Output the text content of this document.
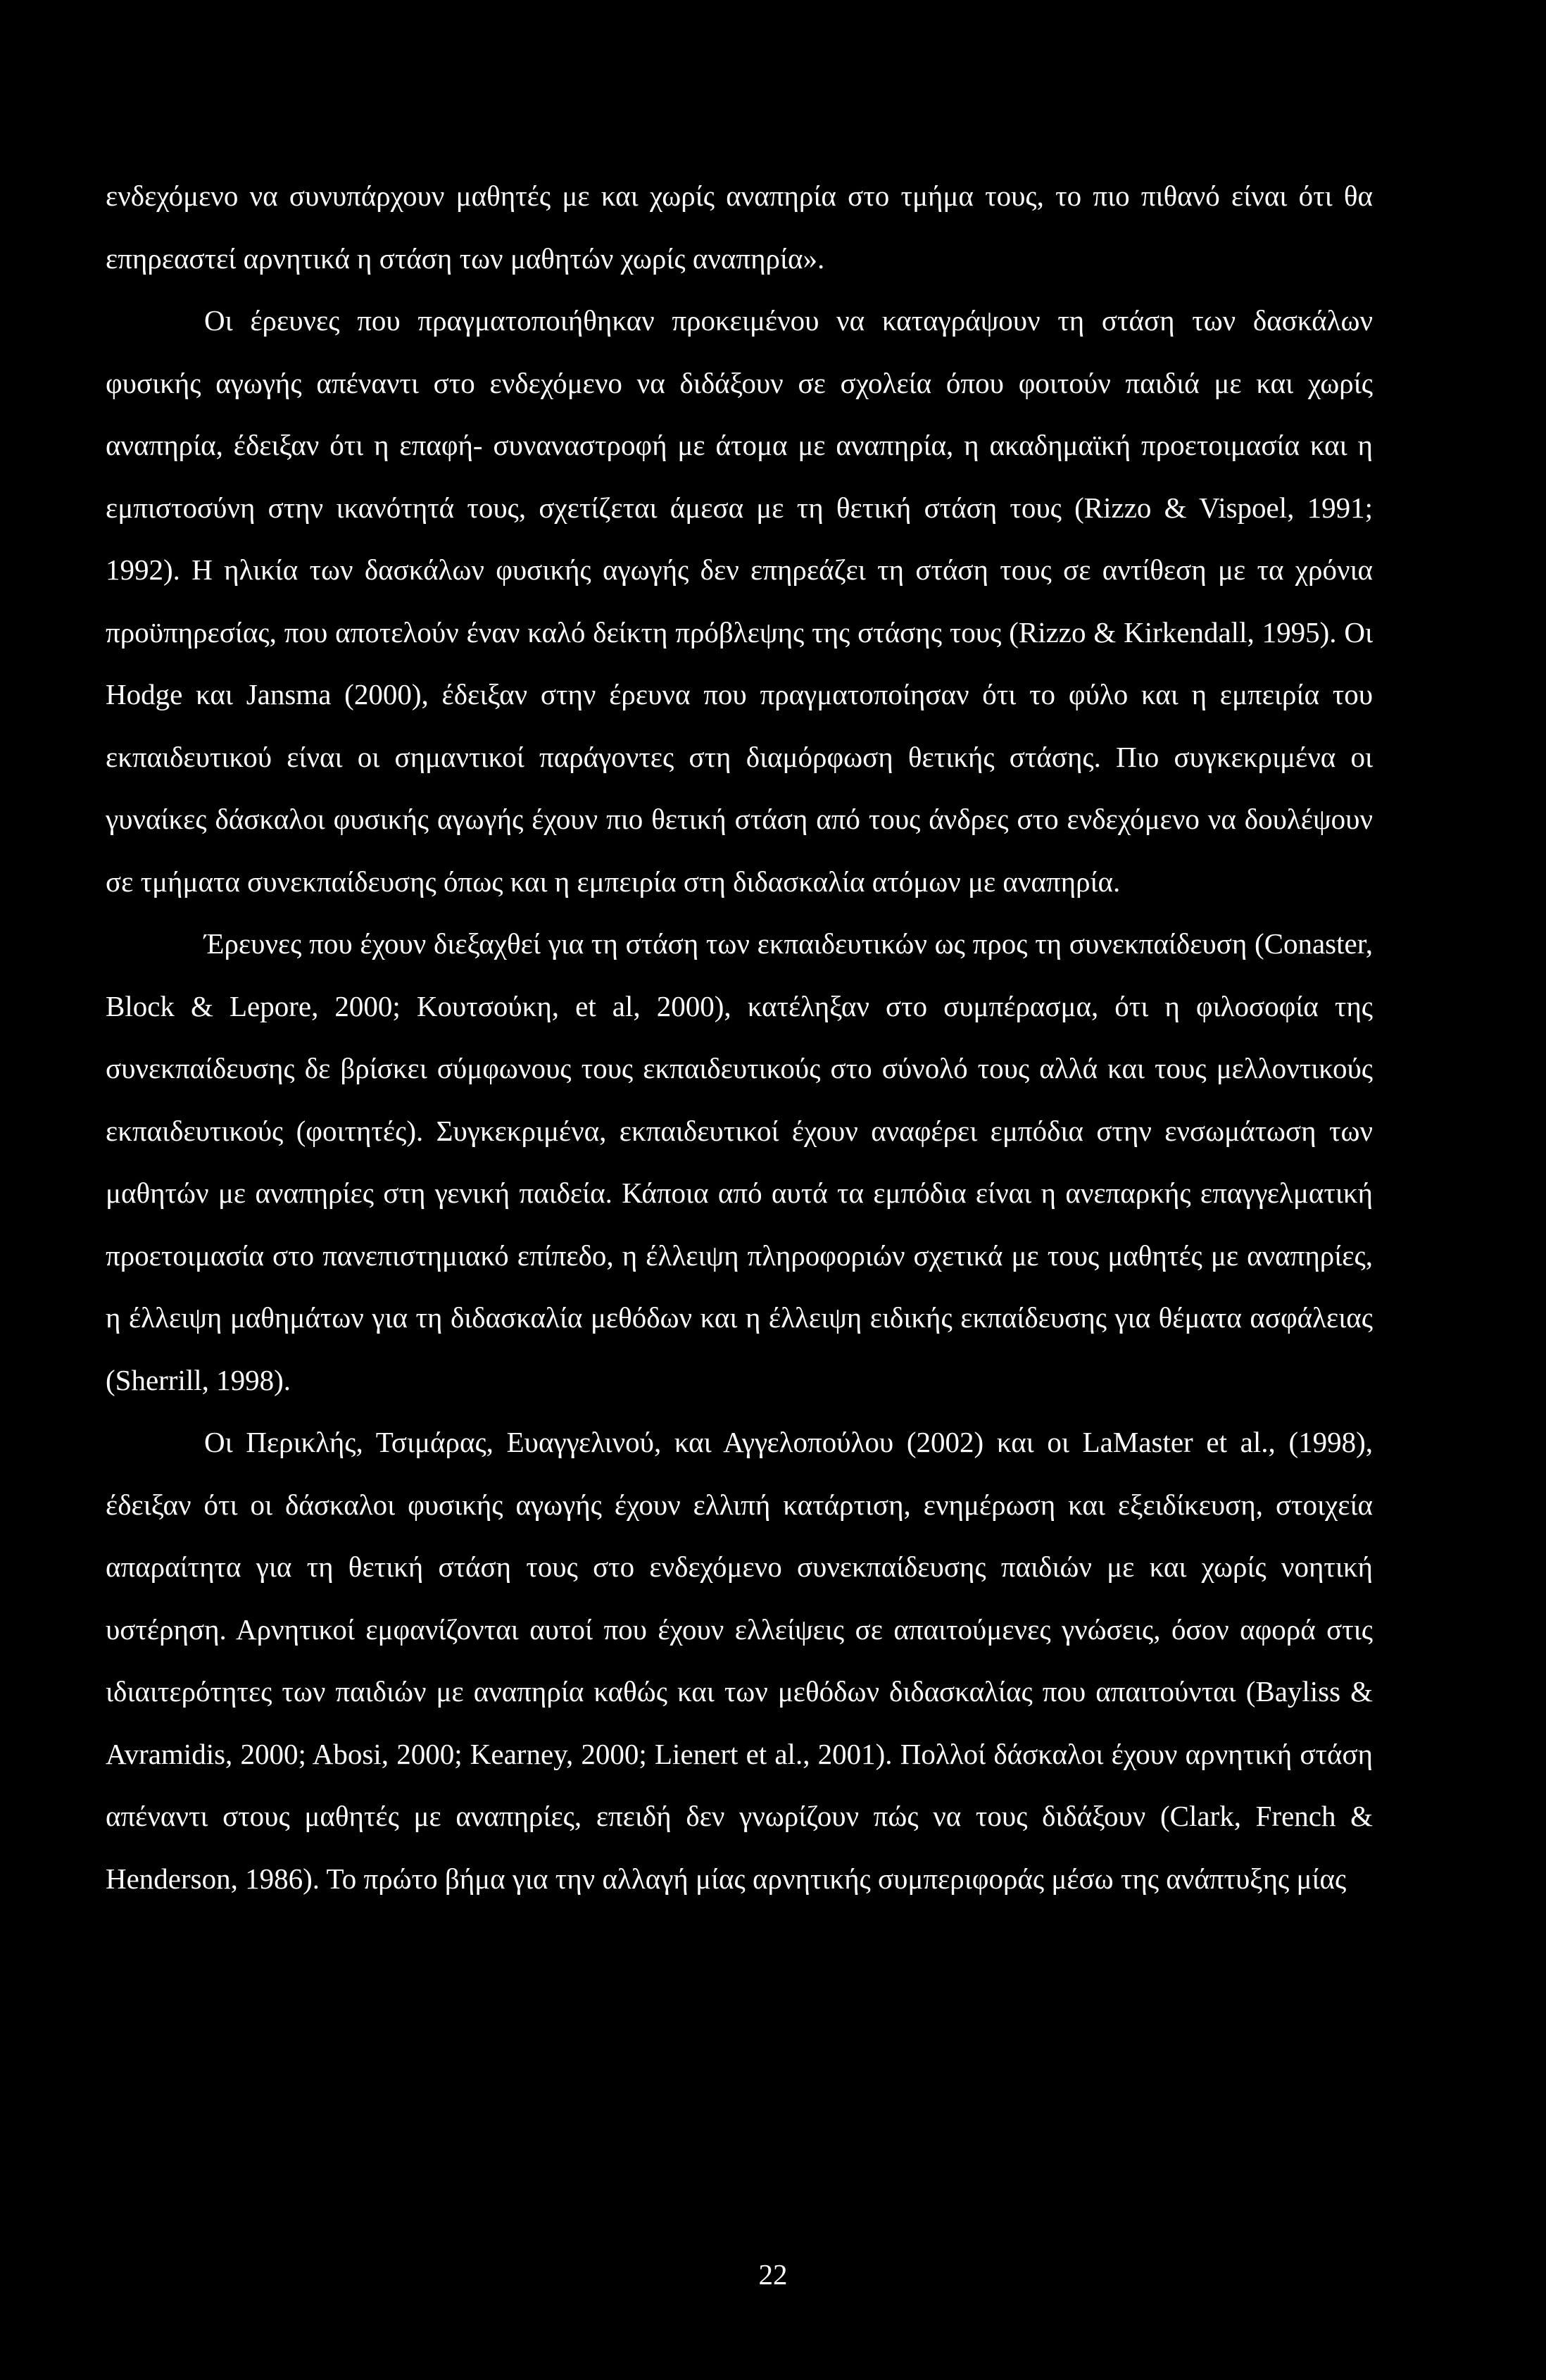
ενδεχόμενο να συνυπάρχουν μαθητές με και χωρίς αναπηρία στο τμήμα τους, το πιο πιθανό είναι ότι θα επηρεαστεί αρνητικά η στάση των μαθητών χωρίς αναπηρία».

Οι έρευνες που πραγματοποιήθηκαν προκειμένου να καταγράψουν τη στάση των δασκάλων φυσικής αγωγής απέναντι στο ενδεχόμενο να διδάξουν σε σχολεία όπου φοιτούν παιδιά με και χωρίς αναπηρία, έδειξαν ότι η επαφή- συναναστροφή με άτομα με αναπηρία, η ακαδημαϊκή προετοιμασία και η εμπιστοσύνη στην ικανότητά τους, σχετίζεται άμεσα με τη θετική στάση τους (Rizzo & Vispoel, 1991; 1992). Η ηλικία των δασκάλων φυσικής αγωγής δεν επηρεάζει τη στάση τους σε αντίθεση με τα χρόνια προϋπηρεσίας, που αποτελούν έναν καλό δείκτη πρόβλεψης της στάσης τους (Rizzo & Kirkendall, 1995). Οι Hodge και Jansma (2000), έδειξαν στην έρευνα που πραγματοποίησαν ότι το φύλο και η εμπειρία του εκπαιδευτικού είναι οι σημαντικοί παράγοντες στη διαμόρφωση θετικής στάσης. Πιο συγκεκριμένα οι γυναίκες δάσκαλοι φυσικής αγωγής έχουν πιο θετική στάση από τους άνδρες στο ενδεχόμενο να δουλέψουν σε τμήματα συνεκπαίδευσης όπως και η εμπειρία στη διδασκαλία ατόμων με αναπηρία.

Έρευνες που έχουν διεξαχθεί για τη στάση των εκπαιδευτικών ως προς τη συνεκπαίδευση (Conaster, Block & Lepore, 2000; Κουτσούκη, et al, 2000), κατέληξαν στο συμπέρασμα, ότι η φιλοσοφία της συνεκπαίδευσης δε βρίσκει σύμφωνους τους εκπαιδευτικούς στο σύνολό τους αλλά και τους μελλοντικούς εκπαιδευτικούς (φοιτητές). Συγκεκριμένα, εκπαιδευτικοί έχουν αναφέρει εμπόδια στην ενσωμάτωση των μαθητών με αναπηρίες στη γενική παιδεία. Κάποια από αυτά τα εμπόδια είναι η ανεπαρκής επαγγελματική προετοιμασία στο πανεπιστημιακό επίπεδο, η έλλειψη πληροφοριών σχετικά με τους μαθητές με αναπηρίες, η έλλειψη μαθημάτων για τη διδασκαλία μεθόδων και η έλλειψη ειδικής εκπαίδευσης για θέματα ασφάλειας (Sherrill, 1998).

Οι Περικλής, Τσιμάρας, Ευαγγελινού, και Αγγελοπούλου (2002) και οι LaMaster et al., (1998), έδειξαν ότι οι δάσκαλοι φυσικής αγωγής έχουν ελλιπή κατάρτιση, ενημέρωση και εξειδίκευση, στοιχεία απαραίτητα για τη θετική στάση τους στο ενδεχόμενο συνεκπαίδευσης παιδιών με και χωρίς νοητική υστέρηση. Αρνητικοί εμφανίζονται αυτοί που έχουν ελλείψεις σε απαιτούμενες γνώσεις, όσον αφορά στις ιδιαιτερότητες των παιδιών με αναπηρία καθώς και των μεθόδων διδασκαλίας που απαιτούνται (Bayliss & Avramidis, 2000; Abosi, 2000; Kearney, 2000; Lienert et al., 2001). Πολλοί δάσκαλοι έχουν αρνητική στάση απέναντι στους μαθητές με αναπηρίες, επειδή δεν γνωρίζουν πώς να τους διδάξουν (Clark, French & Henderson, 1986). Το πρώτο βήμα για την αλλαγή μίας αρνητικής συμπεριφοράς μέσω της ανάπτυξης μίας

22
